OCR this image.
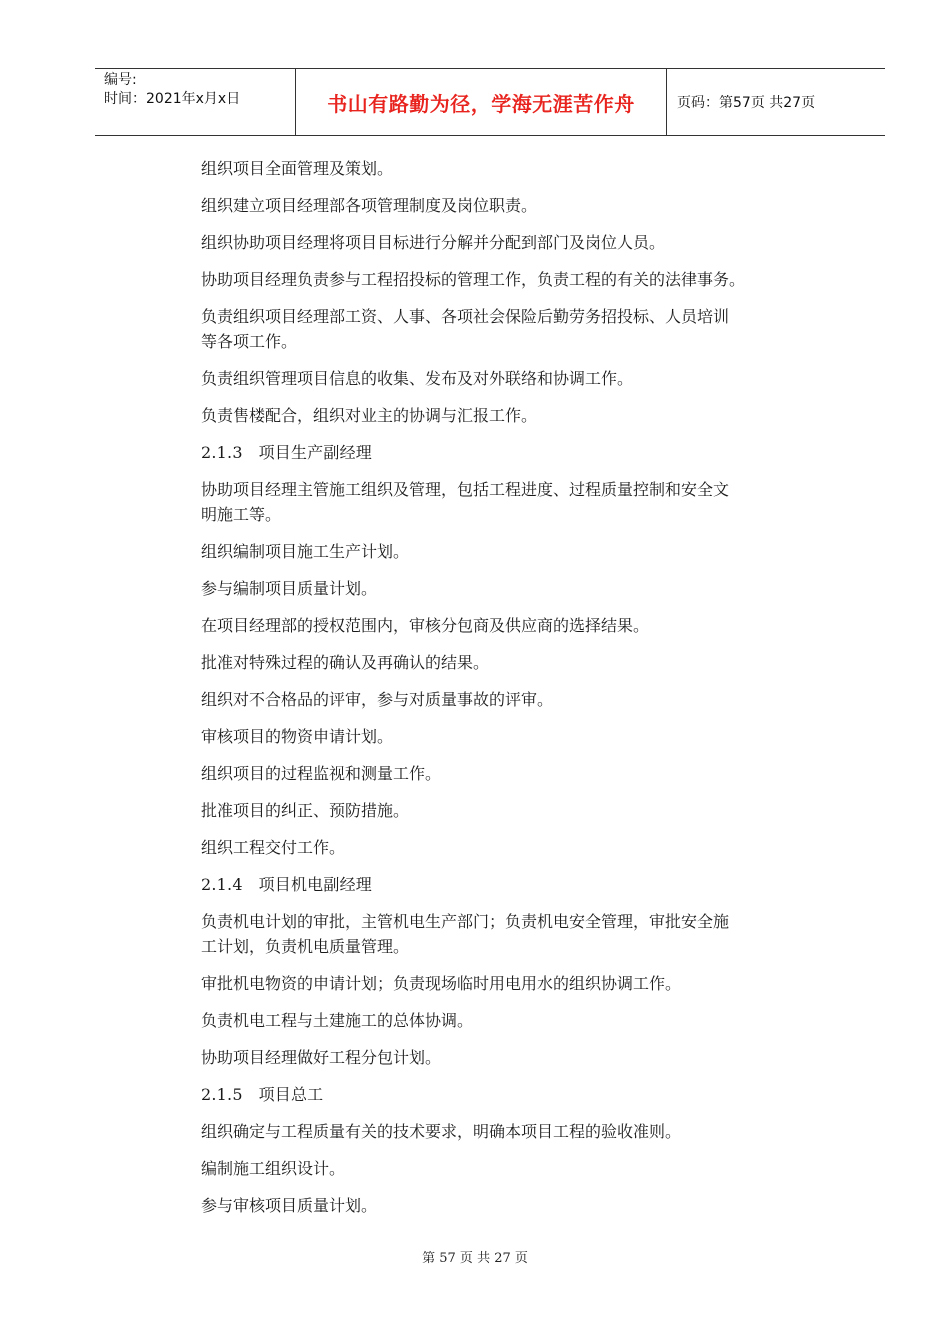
编号:
时间：2021年x月x日	书山有路勤为径，学海无涯苦作舟	页码：第57页 共27页

组织项目全面管理及策划。

组织建立项目经理部各项管理制度及岗位职责。

组织协助项目经理将项目目标进行分解并分配到部门及岗位人员。

协助项目经理负责参与工程招投标的管理工作，负责工程的有关的法律事务。

负责组织项目经理部工资、人事、各项社会保险后勤劳务招投标、人员培训
等各项工作。

负责组织管理项目信息的收集、发布及对外联络和协调工作。

负责售楼配合，组织对业主的协调与汇报工作。

2.1.3   项目生产副经理

协助项目经理主管施工组织及管理，包括工程进度、过程质量控制和安全文
明施工等。

组织编制项目施工生产计划。

参与编制项目质量计划。

在项目经理部的授权范围内，审核分包商及供应商的选择结果。

批准对特殊过程的确认及再确认的结果。

组织对不合格品的评审，参与对质量事故的评审。

审核项目的物资申请计划。

组织项目的过程监视和测量工作。

批准项目的纠正、预防措施。

组织工程交付工作。

2.1.4   项目机电副经理

负责机电计划的审批，主管机电生产部门；负责机电安全管理，审批安全施
工计划，负责机电质量管理。

审批机电物资的申请计划；负责现场临时用电用水的组织协调工作。

负责机电工程与土建施工的总体协调。

协助项目经理做好工程分包计划。

2.1.5   项目总工

组织确定与工程质量有关的技术要求，明确本项目工程的验收准则。

编制施工组织设计。

参与审核项目质量计划。

第 57 页 共 27 页
